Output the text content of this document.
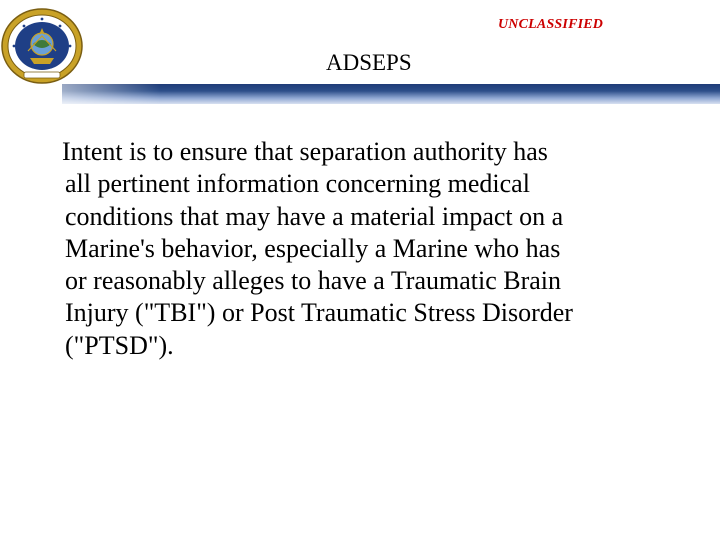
UNCLASSIFIED
ADSEPS

Intent is to ensure that separation authority has
all pertinent information concerning medical
conditions that may have a material impact on a
Marine's behavior, especially a Marine who has
or reasonably alleges to have a Traumatic Brain
Injury ("TBI") or Post Traumatic Stress Disorder
("PTSD").
